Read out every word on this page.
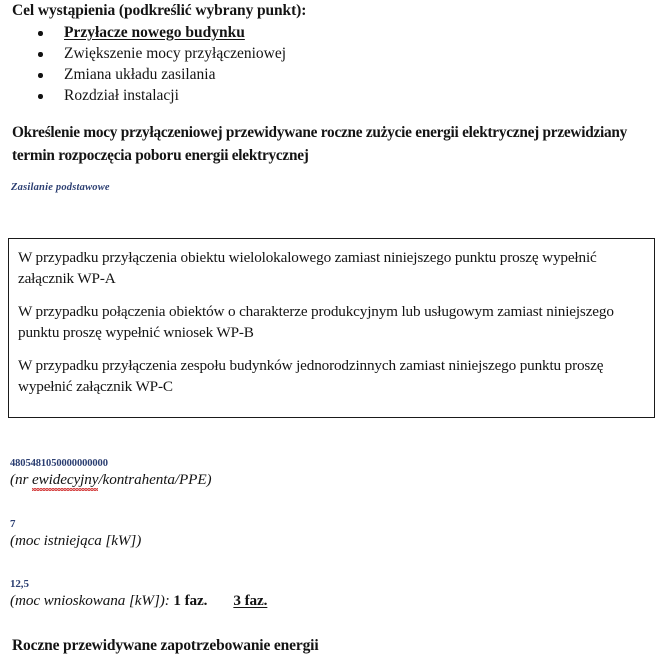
Cel wystąpienia (podkreślić wybrany punkt):
Przyłacze nowego budynku
Zwiększenie mocy przyłączeniowej
Zmiana układu zasilania
Rozdział instalacji
Określenie mocy przyłączeniowej przewidywane roczne zużycie energii elektrycznej przewidziany termin rozpoczęcia poboru energii elektrycznej
Zasilanie podstawowe

W przypadku przyłączenia obiektu wielolokalowego zamiast niniejszego punktu proszę wypełnić załącznik WP-A

W przypadku połączenia obiektów o charakterze produkcyjnym lub usługowym zamiast niniejszego punktu proszę wypełnić wniosek WP-B

W przypadku przyłączenia zespołu budynków jednorodzinnych zamiast niniejszego punktu proszę wypełnić załącznik WP-C

4805481050000000000
(nr ewidecyjny/kontrahenta/PPE)
7
(moc istniejąca [kW])
12,5
(moc wnioskowana [kW]): 1 faz. 3 faz.
Roczne przewidywane zapotrzebowanie energii
